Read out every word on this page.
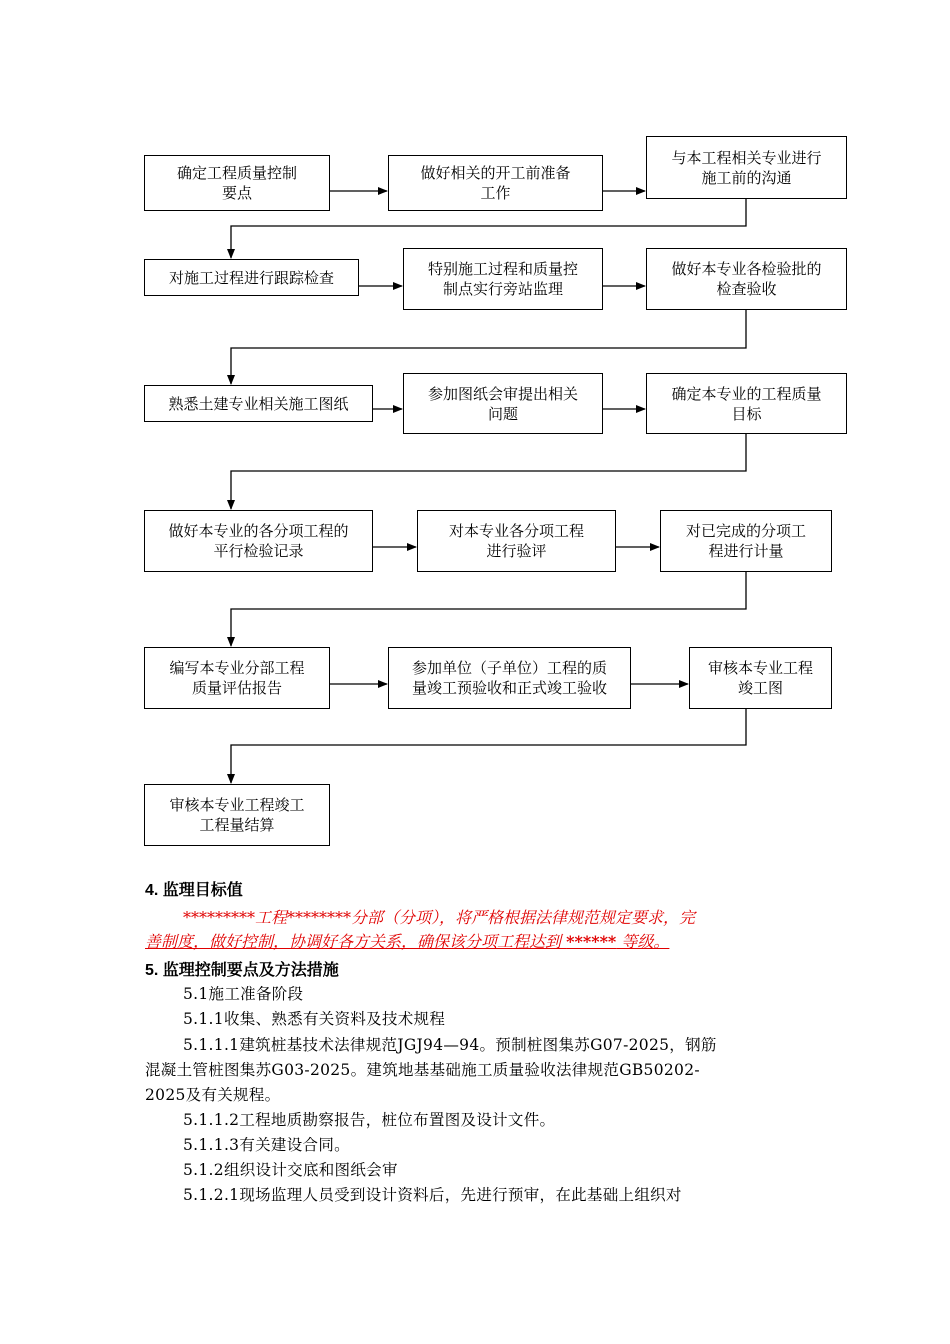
确定工程质量控制
要点
做好相关的开工前准备
工作
与本工程相关专业进行
施工前的沟通
对施工过程进行跟踪检查	特别施工过程和质量控
制点实行旁站监理
做好本专业各检验批的
检查验收
熟悉土建专业相关施工图纸
参加图纸会审提出相关
问题
确定本专业的工程质量
目标
做好本专业的各分项工程的
平行检验记录
对本专业各分项工程
进行验评
对已完成的分项工
程进行计量
编写本专业分部工程
质量评估报告
参加单位（子单位）工程的质
量竣工预验收和正式竣工验收
审核本专业工程
竣工图
审核本专业工程竣工
工程量结算
4. 监理目标值
*********工程********分部（分项），将严格根据法律规范规定要求，完
善制度，做好控制，协调好各方关系，确保该分项工程达到 ****** 等级。
5. 监理控制要点及方法措施
5.1施工准备阶段
5.1.1收集、熟悉有关资料及技术规程
5.1.1.1建筑桩基技术法律规范JGJ94—94。预制桩图集苏G07-2025，钢筋
混凝土管桩图集苏G03-2025。建筑地基基础施工质量验收法律规范GB50202-
2025及有关规程。
5.1.1.2工程地质勘察报告，桩位布置图及设计文件。
5.1.1.3有关建设合同。
5.1.2组织设计交底和图纸会审
5.1.2.1现场监理人员受到设计资料后，先进行预审，在此基础上组织对
